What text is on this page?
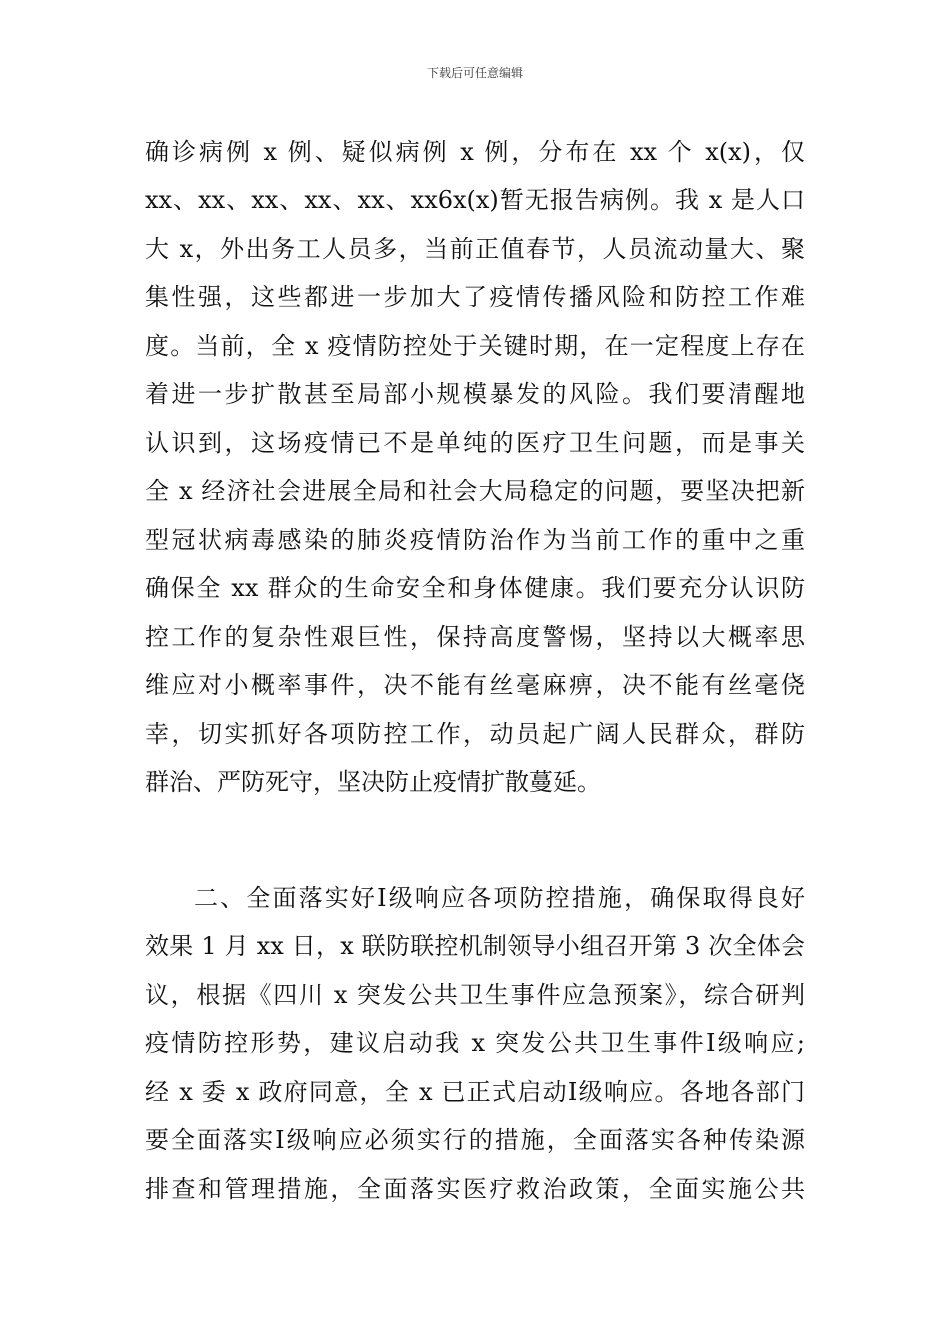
下载后可任意编辑
确诊病例 x 例、疑似病例 x 例，分布在 xx 个 x(x)，仅
xx、xx、xx、xx、xx、xx6x(x)暂无报告病例。我 x 是人口
大 x，外出务工人员多，当前正值春节，人员流动量大、聚
集性强，这些都进一步加大了疫情传播风险和防控工作难
度。当前，全 x 疫情防控处于关键时期，在一定程度上存在
着进一步扩散甚至局部小规模暴发的风险。我们要清醒地
认识到，这场疫情已不是单纯的医疗卫生问题，而是事关
全 x 经济社会进展全局和社会大局稳定的问题，要坚决把新
型冠状病毒感染的肺炎疫情防治作为当前工作的重中之重
确保全 xx 群众的生命安全和身体健康。我们要充分认识防
控工作的复杂性艰巨性，保持高度警惕，坚持以大概率思
维应对小概率事件，决不能有丝毫麻痹，决不能有丝毫侥
幸，切实抓好各项防控工作，动员起广阔人民群众，群防
群治、严防死守，坚决防止疫情扩散蔓延。
二、全面落实好Ⅰ级响应各项防控措施，确保取得良好
效果 1 月 xx 日，x 联防联控机制领导小组召开第 3 次全体会
议，根据《四川 x 突发公共卫生事件应急预案》，综合研判
疫情防控形势，建议启动我 x 突发公共卫生事件Ⅰ级响应;
经 x 委 x 政府同意，全 x 已正式启动Ⅰ级响应。各地各部门
要全面落实Ⅰ级响应必须实行的措施，全面落实各种传染源
排查和管理措施，全面落实医疗救治政策，全面实施公共
